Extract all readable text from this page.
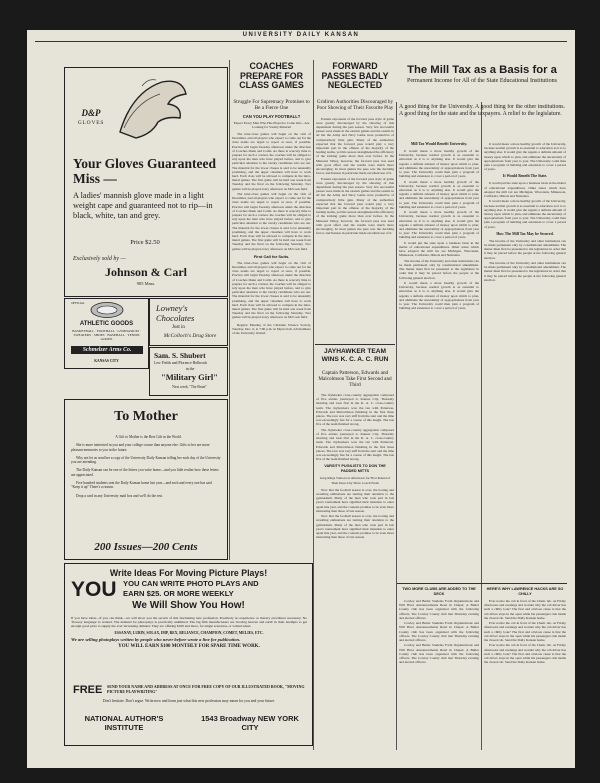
UNIVERSITY DAILY KANSAN
D&P
GLOVES
Your Gloves Guaranteed Miss —
A ladies' mannish glove made in a light weight cape and guaranteed not to rip—in black, white, tan and grey.
Price $2.50
Exclusively sold by —
Johnson & Carl
905 Mass.
OFFICIAL
ATHLETIC GOODS
BASKETBALL · FOOTBALL · GYMNASIUM · SWEATERS · SHOES · BASEBALL · TENNIS GOODS
Schmelzer Arms Co.
KANSAS CITY
Lowney's Chocolates
Just in
McColloch's Drug Store
Sam. S. Shubert
Lew Fields and Florence Holbrook
in the
"Military Girl"
Next week, "The Brute"
To Mother

A Gift to Mother is the Best Gift in the World.

She is more interested in you and your college course than anyone else. Gifts to her are more pleasant memories to you in the future.

Why not let us send her a copy of the University Daily Kansan telling her each day of the University you are attending.

The Daily Kansan can be one of the letters you write home—and you little realize how these letters are appreciated.

Five hundred students sent the Daily Kansan home last year—and each and every one has said "Keep it up" There's a reason.

Drop a card in any University mail box and we'll do the rest.

200 Issues—200 Cents
Write Ideas For Moving Picture Plays!
YOU YOU CAN WRITE PHOTO PLAYS AND
EARN $25. OR MORE WEEKLY
We Will Show You How!

If you have ideas—if you can think—we will show you the secrets of this fascinating new profession. Positively no experience or literary excellence necessary. No 'flowery language' is wanted. The demand for photoplays is practically unlimited. The big film manufacturers are 'moving heaven and earth' in their attempts to get enough good plots to supply the ever increasing demand. They are offering $100 and more, for single scenarios, or written ideas.

ESSANAY, LUBIN, SOLAX, IMP, REX, RELIANCE, CHAMPION, COMET, MELIES, ETC.

We are selling photoplays written by people who never before wrote a line for publication.

YOU WILL EARN $100 MONTHLY FOR SPARE TIME WORK.

FREE SEND YOUR NAME AND ADDRESS AT ONCE FOR FREE COPY OF OUR ILLUSTRATED BOOK, "MOVING PICTURE PLAYWRITING"
Don't hesitate. Don't argue. Write now and learn just what this new profession may mean for you and your future.
NATIONAL AUTHOR'S INSTITUTE
1543 Broadway NEW YORK CITY
COACHES PREPARE FOR CLASS GAMES
Struggle For Supremacy Promises to Be a Fierce One
CAN YOU PLAY FOOTBALL?
Expect Every Man Who Has Played to Come Out—Are Looking for Varsity Material

The inter-class games will begin on the 11th of December, and all players who expect to come out for the class teams are urged to report at once, if possible. Practice will begin Tuesday afternoon under the direction of Coaches Dunn and Comb. As there is scarcely time to prepare for such a contest, the coaches will be obliged to rely upon the men who have played before, and to give particular attention to the varsity candidates who are out. The material for the lower classes is said to be unusually promising, and the upper classmen will have to work hard. Each class will be allowed to compete in the intra-mural games. The first game will be held one week from Tuesday and the final on the following Saturday. Two games will be played every afternoon on McCook field.

The inter-class games will begin on the 11th of December, and all players who expect to come out for the class teams are urged to report at once, if possible. Practice will begin Tuesday afternoon under the direction of Coaches Dunn and Comb. As there is scarcely time to prepare for such a contest, the coaches will be obliged to rely upon the men who have played before, and to give particular attention to the varsity candidates who are out. The material for the lower classes is said to be unusually promising, and the upper classmen will have to work hard. Each class will be allowed to compete in the intra-mural games. The first game will be held one week from Tuesday and the final on the following Saturday. Two games will be played every afternoon on McCook field.

First Call for Suits.

The inter-class games will begin on the 11th of December, and all players who expect to come out for the class teams are urged to report at once, if possible. Practice will begin Tuesday afternoon under the direction of Coaches Dunn and Comb. As there is scarcely time to prepare for such a contest, the coaches will be obliged to rely upon the men who have played before, and to give particular attention to the varsity candidates who are out. The material for the lower classes is said to be unusually promising, and the upper classmen will have to work hard. Each class will be allowed to compete in the intra-mural games. The first game will be held one week from Tuesday and the final on the following Saturday. Two games will be played every afternoon on McCook field.

Regular Meeting of the Christian Science Society, Tuesday, Dec. 6, at 7:00 p.m. in Myers hall. All members of the University invited.

FORWARD PASSES BADLY NEGLECTED
Gridiron Authorities Discouraged by Poor Showing of Their Favorite Play

Eastern exponents of the forward pass style of game were greatly discouraged by the showing of this department during the past season. Very few successful passes were made in the eastern games and the results in all but the Army and Navy Game were productive of comparatively little gain. Many of the authorities expected that the forward pass would play a very important part in the offense of the majority of the leading teams, yet this season strengthened the efficiency of the kicking game more than ever before. In the Missouri Valley, however, the forward pass was used with good effect and the results were much more encouraging. In most games the pass was the deciding factor, and Kansas in particular made excellent use of it.

Eastern exponents of the forward pass style of game were greatly discouraged by the showing of this department during the past season. Very few successful passes were made in the eastern games and the results in all but the Army and Navy Game were productive of comparatively little gain. Many of the authorities expected that the forward pass would play a very important part in the offense of the majority of the leading teams, yet this season strengthened the efficiency of the kicking game more than ever before. In the Missouri Valley, however, the forward pass was used with good effect and the results were much more encouraging. In most games the pass was the deciding factor, and Kansas in particular made excellent use of it.

JAYHAWKER TEAM WINS K. C. A. C. RUN
Captain Patterson, Edwards and Malcolmson Take First Second and Third

The Jayhawker cross-country aggregation composed of five entries journeyed to Kansas City, Thursday morning and took first in the K. A. C. cross-country team. The Jayhawkers won the run with Patterson, Edwards and Malcolmson finishing in the first three places. The race was very stiff from the start and the time was exceedingly fast for a course of this length. The last five of the team finished strong.

The Jayhawker cross-country aggregation composed of five entries journeyed to Kansas City, Thursday morning and took first in the K. A. C. cross-country team. The Jayhawkers won the run with Patterson, Edwards and Malcolmson finishing in the first three places. The race was very stiff from the start and the time was exceedingly fast for a course of this length. The last five of the team finished strong.

VARSITY PUGILISTS TO DON THE PADDED MITTS
Greg Rings Tomorrow Afternoon for First Round of Their Inter-City Shaw Coach Fresh

Now that the football season is over, the boxing and wrestling enthusiasts are turning their attention to the gymnasium. Many of the men who took part in last year's tournament have signified their intention to enter again this year, and the contests promise to be even more interesting than those of last season.

Now that the football season is over, the boxing and wrestling enthusiasts are turning their attention to the gymnasium. Many of the men who took part in last year's tournament have signified their intention to enter again this year, and the contests promise to be even more interesting than those of last season.

The Mill Tax as a Basis for a
Permanent Income for All of the State Educational Institutions
A good thing for the University. A good thing for the other institutions. A good thing for the state and the taxpayers. A relief to the legislature.
Mill Tax Would Benefit University.

It would mean a more healthy growth of the University, because normal growth is as essential to education as it is to anything else. It would give the regents a definite amount of money upon which to plan, and eliminate the uncertainty of appropriations from year to year. The University could then plan a program of building and extension to cover a period of years.

It would mean a more healthy growth of the University, because normal growth is as essential to education as it is to anything else. It would give the regents a definite amount of money upon which to plan, and eliminate the uncertainty of appropriations from year to year. The University could then plan a program of building and extension to cover a period of years.

It would mean a more healthy growth of the University, because normal growth is as essential to education as it is to anything else. It would give the regents a definite amount of money upon which to plan, and eliminate the uncertainty of appropriations from year to year. The University could then plan a program of building and extension to cover a period of years.

It would put the state upon a business basis in the matter of educational expenditures. Other states which have adopted the mill tax are Michigan, Wisconsin, Minnesota, California, Illinois and Nebraska.

The income of the University and other institutions can be made permanent only by constitutional amendment. The matter must first be presented to the legislature in order that it may be placed before the people at the following general election.

It would mean a more healthy growth of the University, because normal growth is as essential to education as it is to anything else. It would give the regents a definite amount of money upon which to plan, and eliminate the uncertainty of appropriations from year to year. The University could then plan a program of building and extension to cover a period of years.

It would mean a more healthy growth of the University, because normal growth is as essential to education as it is to anything else. It would give the regents a definite amount of money upon which to plan, and eliminate the uncertainty of appropriations from year to year. The University could then plan a program of building and extension to cover a period of years.

It Would Benefit The State.

It would put the state upon a business basis in the matter of educational expenditures. Other states which have adopted the mill tax are Michigan, Wisconsin, Minnesota, California, Illinois and Nebraska.

It would mean a more healthy growth of the University, because normal growth is as essential to education as it is to anything else. It would give the regents a definite amount of money upon which to plan, and eliminate the uncertainty of appropriations from year to year. The University could then plan a program of building and extension to cover a period of years.

How The Mill Tax May be Secured.

The income of the University and other institutions can be made permanent only by constitutional amendment. The matter must first be presented to the legislature in order that it may be placed before the people at the following general election.

The income of the University and other institutions can be made permanent only by constitutional amendment. The matter must first be presented to the legislature in order that it may be placed before the people at the following general election.

TWO MORE CLUBS ARE ADDED TO THE DECK

Cowley and Butler Students Form Organizations and Will Have Announcements Read in Chapel. A Butler County club has been organized with the following officers. The Cowley County club met Thursday evening and elected officers.

Cowley and Butler Students Form Organizations and Will Have Announcements Read in Chapel. A Butler County club has been organized with the following officers. The Cowley County club met Thursday evening and elected officers.

Cowley and Butler Students Form Organizations and Will Have Announcements Read in Chapel. A Butler County club has been organized with the following officers. The Cowley County club met Thursday evening and elected officers.

HERE'S WHY LAWRENCE HACKS ARE SO CHILLY

Ever notice the cab in front of the Chem. lab. on Friday afternoons and evenings and wonder why the cab driver has such a chilly look? The first and obvious cause is that the cab driver stays in the open while his passengers ride inside the closed cab. Send the Daily Kansan home.

Ever notice the cab in front of the Chem. lab. on Friday afternoons and evenings and wonder why the cab driver has such a chilly look? The first and obvious cause is that the cab driver stays in the open while his passengers ride inside the closed cab. Send the Daily Kansan home.

Ever notice the cab in front of the Chem. lab. on Friday afternoons and evenings and wonder why the cab driver has such a chilly look? The first and obvious cause is that the cab driver stays in the open while his passengers ride inside the closed cab. Send the Daily Kansan home.
